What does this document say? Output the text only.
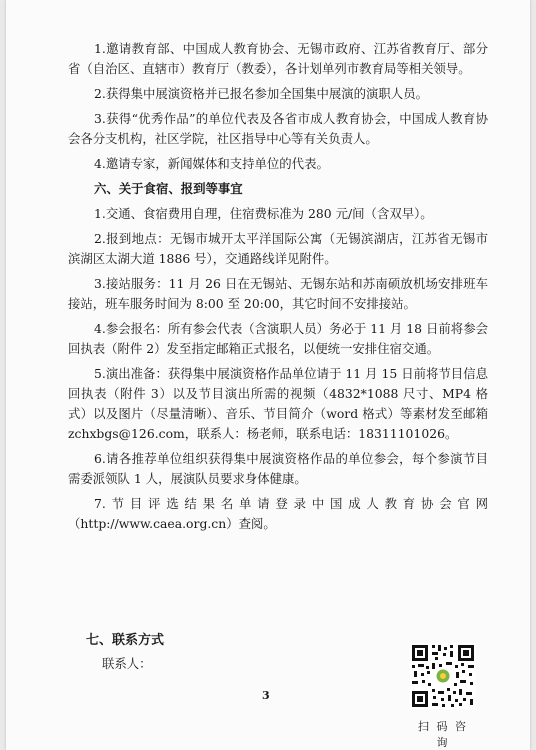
1.邀请教育部、中国成人教育协会、无锡市政府、江苏省教育厅、部分省（自治区、直辖市）教育厅（教委），各计划单列市教育局等相关领导。

2.获得集中展演资格并已报名参加全国集中展演的演职人员。

3.获得“优秀作品”的单位代表及各省市成人教育协会，中国成人教育协会各分支机构，社区学院，社区指导中心等有关负责人。

4.邀请专家，新闻媒体和支持单位的代表。

六、关于食宿、报到等事宜

1.交通、食宿费用自理，住宿费标准为 280 元/间（含双早）。

2.报到地点：无锡市城开太平洋国际公寓（无锡滨湖店，江苏省无锡市滨湖区太湖大道 1886 号），交通路线详见附件。

3.接站服务：11 月 26 日在无锡站、无锡东站和苏南硕放机场安排班车接站，班车服务时间为 8:00 至 20:00，其它时间不安排接站。

4.参会报名：所有参会代表（含演职人员）务必于 11 月 18 日前将参会回执表（附件 2）发至指定邮箱正式报名，以便统一安排住宿交通。

5.演出准备：获得集中展演资格作品单位请于 11 月 15 日前将节目信息回执表（附件 3）以及节目演出所需的视频（4832*1088 尺寸、MP4 格式）以及图片（尽量清晰）、音乐、节目简介（word 格式）等素材发至邮箱 zchxbgs@126.com，联系人：杨老师，联系电话：18311101026。

6.请各推荐单位组织获得集中展演资格作品的单位参会，每个参演节目需委派领队 1 人，展演队员要求身体健康。

7.节目评选结果名单请登录中国成人教育协会官网（http://www.caea.org.cn）查阅。

七、联系方式
联系人：
3
扫 码 咨 询
